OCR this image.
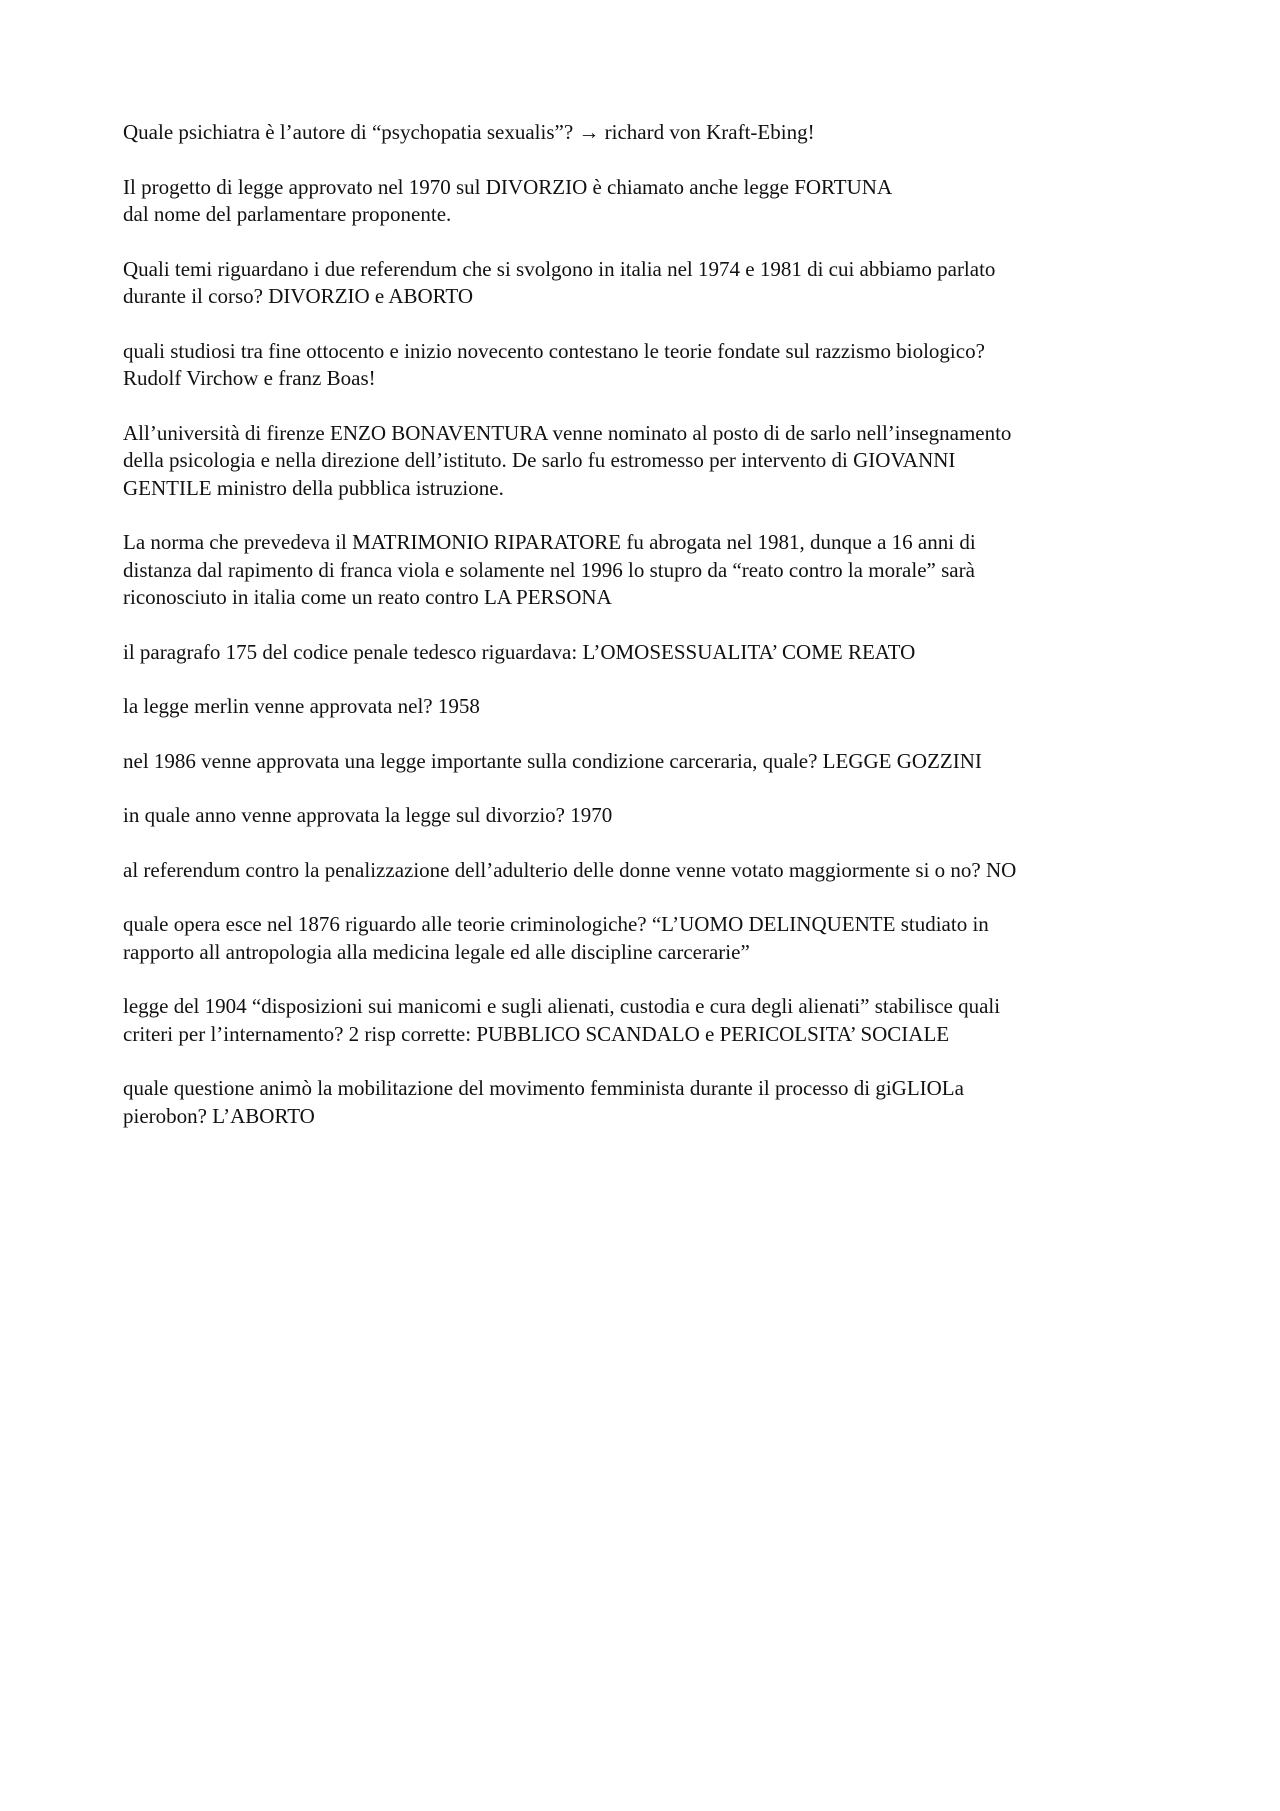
Quale psichiatra è l’autore di “psychopatia sexualis”? → richard von Kraft-Ebing!

Il progetto di legge approvato nel 1970 sul DIVORZIO è chiamato anche legge FORTUNA
dal nome del parlamentare proponente.

Quali temi riguardano i due referendum che si svolgono in italia nel 1974 e 1981 di cui abbiamo parlato
durante il corso? DIVORZIO e ABORTO

quali studiosi tra fine ottocento e inizio novecento contestano le teorie fondate sul razzismo biologico?
Rudolf Virchow e franz Boas!

All’università di firenze ENZO BONAVENTURA venne nominato al posto di de sarlo nell’insegnamento
della psicologia e nella direzione dell’istituto. De sarlo fu estromesso per intervento di GIOVANNI
GENTILE ministro della pubblica istruzione.

La norma che prevedeva il MATRIMONIO RIPARATORE fu abrogata nel 1981, dunque a 16 anni di
distanza dal rapimento di franca viola e solamente nel 1996 lo stupro da “reato contro la morale” sarà
riconosciuto in italia come un reato contro LA PERSONA

il paragrafo 175 del codice penale tedesco riguardava: L’OMOSESSUALITA’ COME REATO

la legge merlin venne approvata nel? 1958

nel 1986 venne approvata una legge importante sulla condizione carceraria, quale? LEGGE GOZZINI

in quale anno venne approvata la legge sul divorzio? 1970

al referendum contro la penalizzazione dell’adulterio delle donne venne votato maggiormente si o no? NO

quale opera esce nel 1876 riguardo alle teorie criminologiche? “L’UOMO DELINQUENTE studiato in
rapporto all antropologia alla medicina legale ed alle discipline carcerarie”

legge del 1904 “disposizioni sui manicomi e sugli alienati, custodia e cura degli alienati” stabilisce quali
criteri per l’internamento? 2 risp corrette: PUBBLICO SCANDALO e PERICOLSITA’ SOCIALE

quale questione animò la mobilitazione del movimento femminista durante il processo di giGLIOLa
pierobon? L’ABORTO
